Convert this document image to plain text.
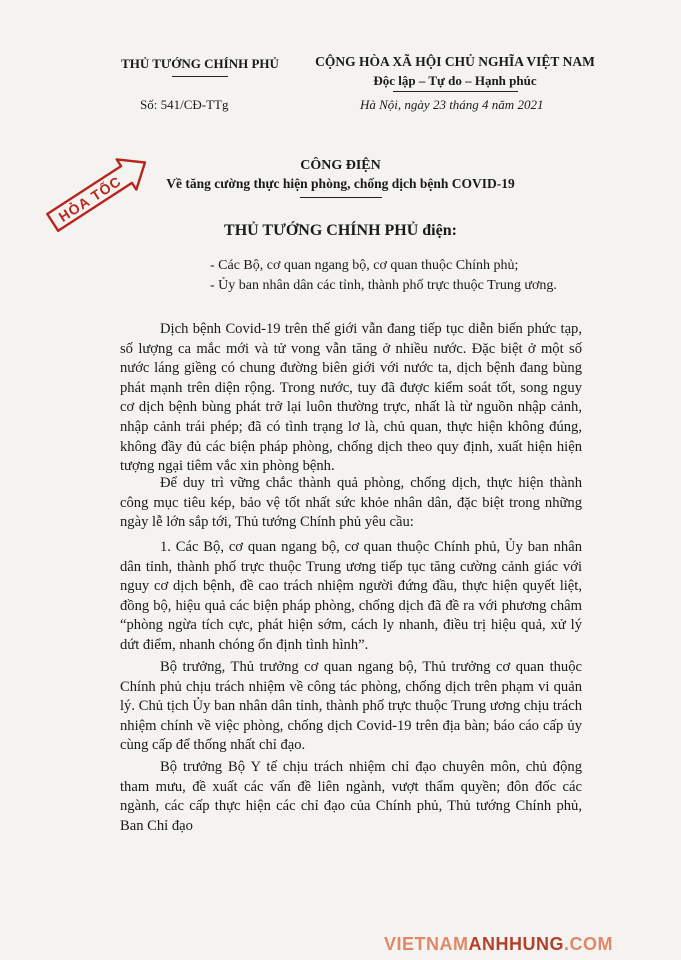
THỦ TƯỚNG CHÍNH PHỦ	CỘNG HÒA XÃ HỘI CHỦ NGHĨA VIỆT NAM
Độc lập – Tự do – Hạnh phúc
Số: 541/CĐ-TTg	Hà Nội, ngày 23 tháng 4 năm 2021
HỎA TỐC
CÔNG ĐIỆN
Về tăng cường thực hiện phòng, chống dịch bệnh COVID-19
THỦ TƯỚNG CHÍNH PHỦ điện:
- Các Bộ, cơ quan ngang bộ, cơ quan thuộc Chính phủ;
- Ủy ban nhân dân các tỉnh, thành phố trực thuộc Trung ương.
Dịch bệnh Covid-19 trên thế giới vẫn đang tiếp tục diễn biến phức tạp, số lượng ca mắc mới và tử vong vẫn tăng ở nhiều nước. Đặc biệt ở một số nước láng giềng có chung đường biên giới với nước ta, dịch bệnh đang bùng phát mạnh trên diện rộng. Trong nước, tuy đã được kiểm soát tốt, song nguy cơ dịch bệnh bùng phát trở lại luôn thường trực, nhất là từ nguồn nhập cảnh, nhập cảnh trái phép; đã có tình trạng lơ là, chủ quan, thực hiện không đúng, không đầy đủ các biện pháp phòng, chống dịch theo quy định, xuất hiện hiện tượng ngại tiêm vắc xin phòng bệnh.
Để duy trì vững chắc thành quả phòng, chống dịch, thực hiện thành công mục tiêu kép, bảo vệ tốt nhất sức khỏe nhân dân, đặc biệt trong những ngày lễ lớn sắp tới, Thủ tướng Chính phủ yêu cầu:
1. Các Bộ, cơ quan ngang bộ, cơ quan thuộc Chính phủ, Ủy ban nhân dân tỉnh, thành phố trực thuộc Trung ương tiếp tục tăng cường cảnh giác với nguy cơ dịch bệnh, đề cao trách nhiệm người đứng đầu, thực hiện quyết liệt, đồng bộ, hiệu quả các biện pháp phòng, chống dịch đã đề ra với phương châm “phòng ngừa tích cực, phát hiện sớm, cách ly nhanh, điều trị hiệu quả, xử lý dứt điểm, nhanh chóng ổn định tình hình”.
Bộ trưởng, Thủ trưởng cơ quan ngang bộ, Thủ trưởng cơ quan thuộc Chính phủ chịu trách nhiệm về công tác phòng, chống dịch trên phạm vi quản lý. Chủ tịch Ủy ban nhân dân tỉnh, thành phố trực thuộc Trung ương chịu trách nhiệm chính về việc phòng, chống dịch Covid-19 trên địa bàn; báo cáo cấp ủy cùng cấp để thống nhất chỉ đạo.
Bộ trưởng Bộ Y tế chịu trách nhiệm chỉ đạo chuyên môn, chủ động tham mưu, đề xuất các vấn đề liên ngành, vượt thẩm quyền; đôn đốc các ngành, các cấp thực hiện các chỉ đạo của Chính phủ, Thủ tướng Chính phủ, Ban Chỉ đạo
VIETNAMANHHUNG.COM
